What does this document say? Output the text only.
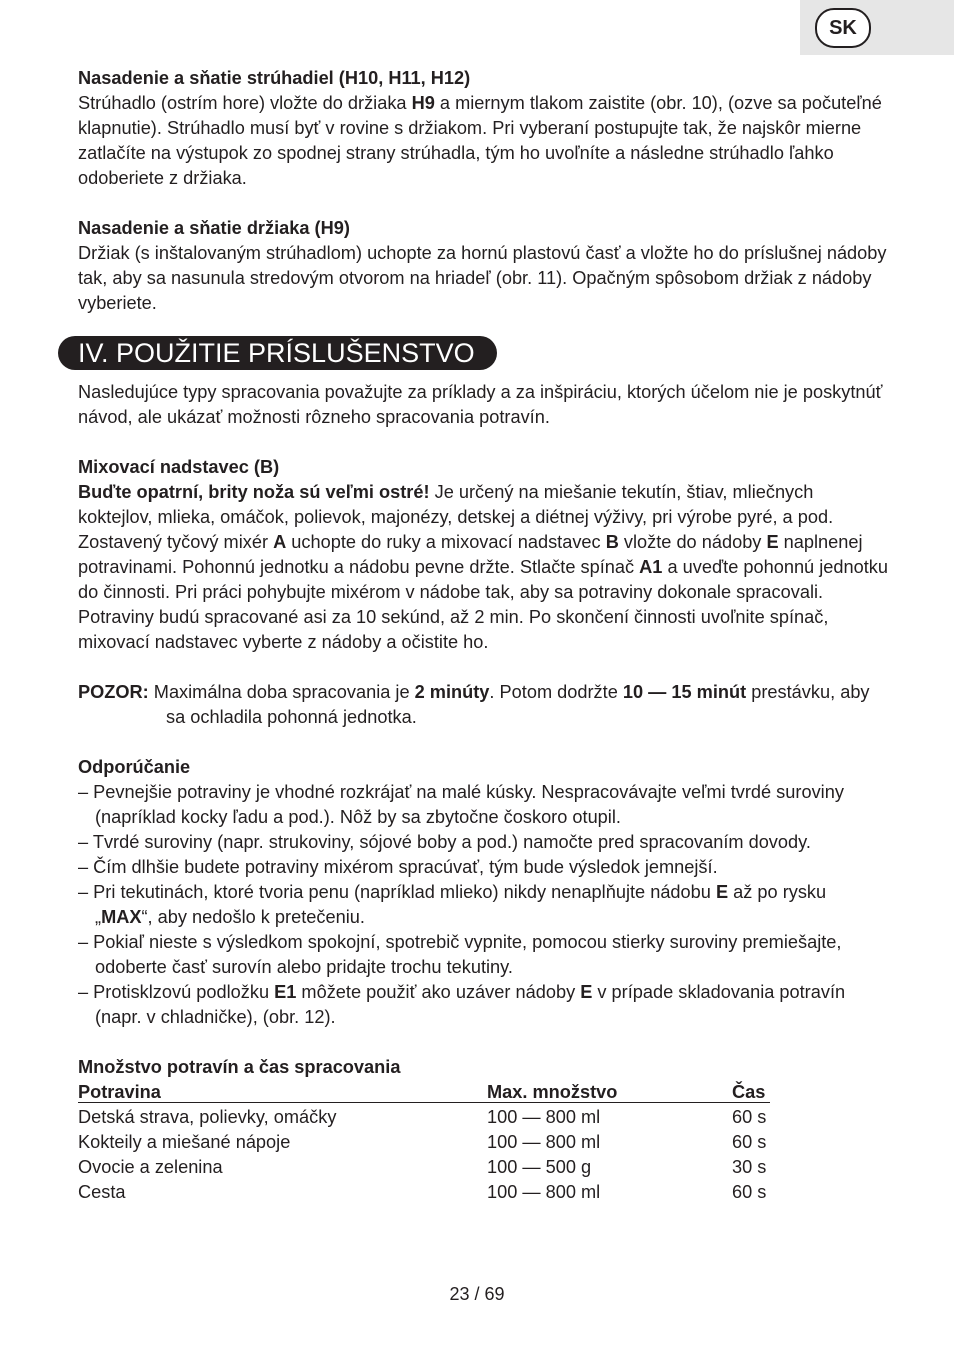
SK

Nasadenie a sňatie strúhadiel (H10, H11, H12)

Strúhadlo (ostrím hore) vložte do držiaka H9 a miernym tlakom zaistite (obr. 10), (ozve sa počuteľné klapnutie). Strúhadlo musí byť v rovine s držiakom. Pri vyberaní postupujte tak, že najskôr mierne zatlačíte na výstupok zo spodnej strany strúhadla, tým ho uvoľníte a následne strúhadlo ľahko odoberiete z držiaka.

Nasadenie a sňatie držiaka (H9)

Držiak (s inštalovaným strúhadlom) uchopte za hornú plastovú časť a vložte ho do príslušnej nádoby tak, aby sa nasunula stredovým otvorom na hriadeľ (obr. 11). Opačným spôsobom držiak z nádoby vyberiete.

IV. POUŽITIE PRÍSLUŠENSTVO

Nasledujúce typy spracovania považujte za príklady a za inšpiráciu, ktorých účelom nie je poskytnúť návod, ale ukázať možnosti rôzneho spracovania potravín.

Mixovací nadstavec (B)

Buďte opatrní, brity noža sú veľmi ostré! Je určený na miešanie tekutín, štiav, mliečnych koktejlov, mlieka, omáčok, polievok, majonézy, detskej a diétnej výživy, pri výrobe pyré, a pod. Zostavený tyčový mixér A uchopte do ruky a mixovací nadstavec B vložte do nádoby E naplnenej potravinami. Pohonnú jednotku a nádobu pevne držte. Stlačte spínač A1 a uveďte pohonnú jednotku do činnosti. Pri práci pohybujte mixérom v nádobe tak, aby sa potraviny dokonale spracovali. Potraviny budú spracované asi za 10 sekúnd, až 2 min. Po skončení činnosti uvoľnite spínač, mixovací nadstavec vyberte z nádoby a očistite ho.

POZOR: Maximálna doba spracovania je 2 minúty. Potom dodržte 10 — 15 minút prestávku, aby sa ochladila pohonná jednotka.

Odporúčanie

– Pevnejšie potraviny je vhodné rozkrájať na malé kúsky. Nespracovávajte veľmi tvrdé suroviny (napríklad kocky ľadu a pod.). Nôž by sa zbytočne čoskoro otupil.
– Tvrdé suroviny (napr. strukoviny, sójové boby a pod.) namočte pred spracovaním dovody.
– Čím dlhšie budete potraviny mixérom spracúvať, tým bude výsledok jemnejší.
– Pri tekutinách, ktoré tvoria penu (napríklad mlieko) nikdy nenaplňujte nádobu E až po rysku „MAX“, aby nedošlo k pretečeniu.
– Pokiaľ nieste s výsledkom spokojní, spotrebič vypnite, pomocou stierky suroviny premiešajte, odoberte časť surovín alebo pridajte trochu tekutiny.
– Protisklzovú podložku E1 môžete použiť ako uzáver nádoby E v prípade skladovania potravín (napr. v chladničke), (obr. 12).

Množstvo potravín a čas spracovania

Potravina	Max. množstvo	Čas
Detská strava, polievky, omáčky	100 — 800 ml	60 s
Kokteily a miešané nápoje	100 — 800 ml	60 s
Ovocie a zelenina	100 — 500 g	30 s
Cesta	100 — 800 ml	60 s
23 / 69
